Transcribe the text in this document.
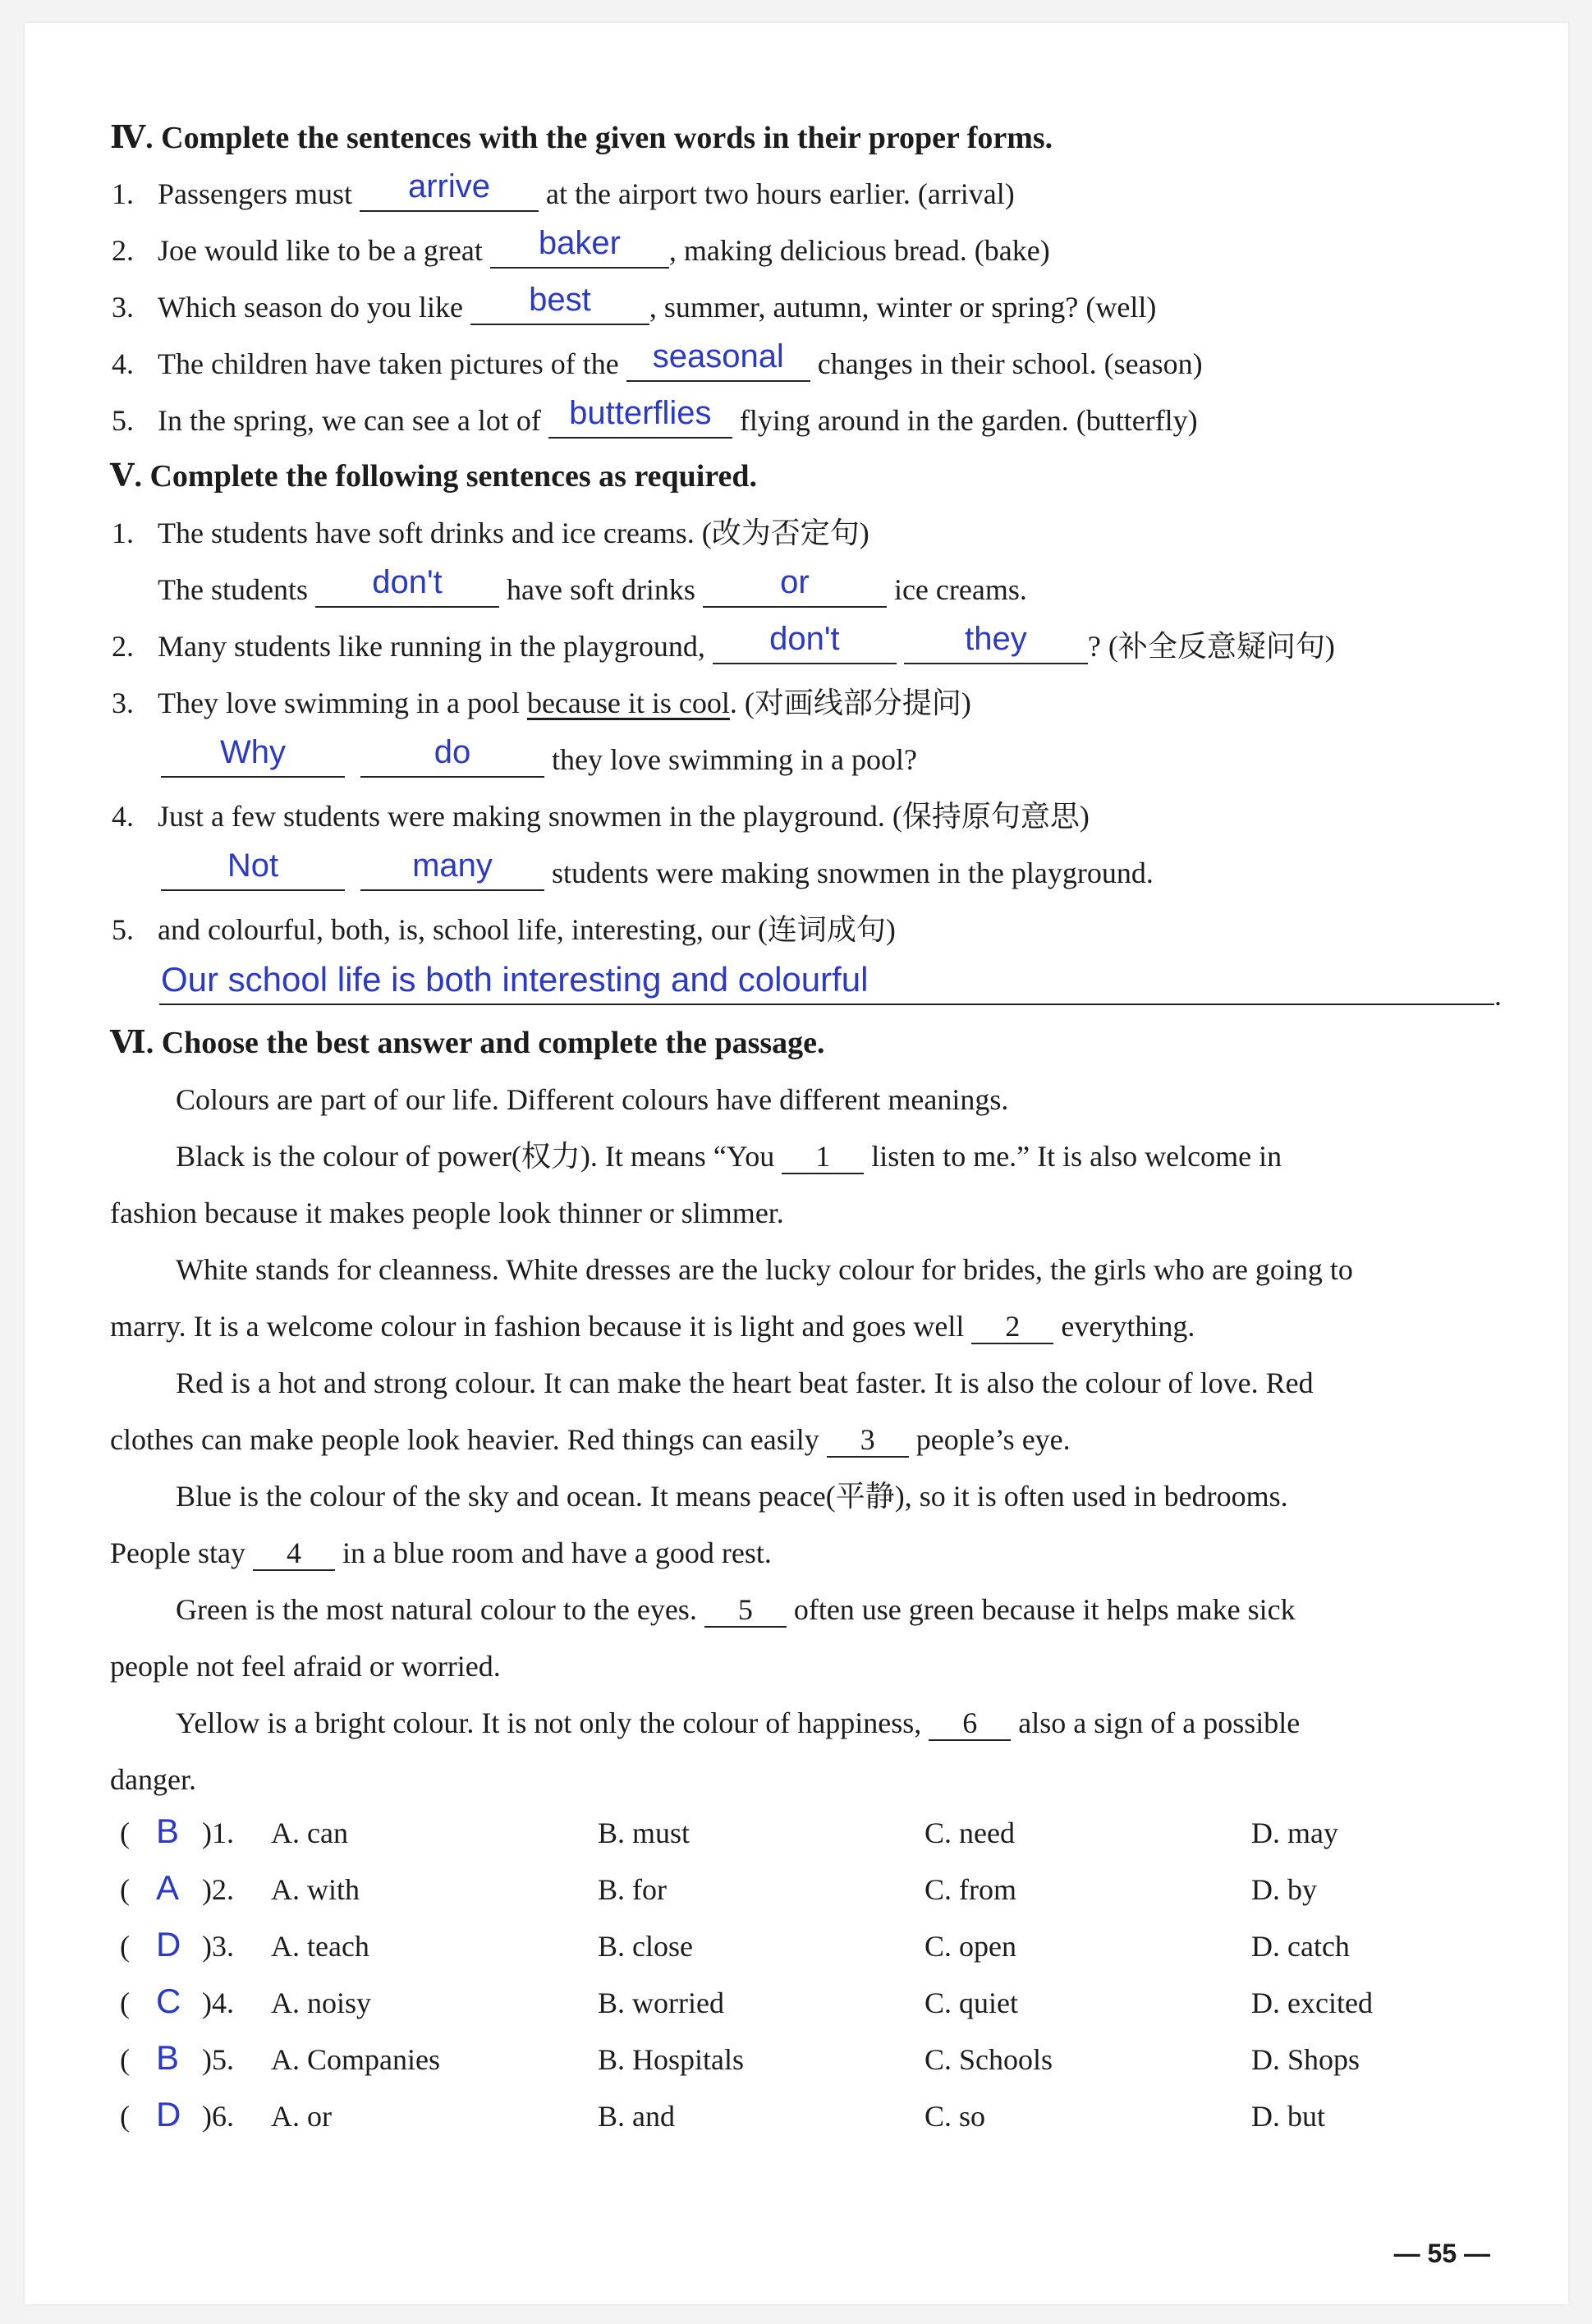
Ⅳ. Complete the sentences with the given words in their proper forms.
1. Passengers must arrive at the airport two hours earlier. (arrival)
2. Joe would like to be a great baker , making delicious bread. (bake)
3. Which season do you like best , summer, autumn, winter or spring? (well)
4. The children have taken pictures of the seasonal changes in their school. (season)
5. In the spring, we can see a lot of butterflies flying around in the garden. (butterfly)
Ⅴ. Complete the following sentences as required.
1. The students have soft drinks and ice creams. (改为否定句)
The students don't have soft drinks	or	ice creams.
2. Many students like running in the playground, don't	they ? (补全反意疑问句)
3. They love swimming in a pool because it is cool. (对画线部分提问)
Why	do	they love swimming in a pool?
4. Just a few students were making snowmen in the playground. (保持原句意思)
Not	many students were making snowmen in the playground.
5. and colourful, both, is, school life, interesting, our (连词成句)
Our school life is both interesting and colourful	.
Ⅵ. Choose the best answer and complete the passage.
Colours are part of our life. Different colours have different meanings.
Black is the colour of power(权力). It means “You 1 listen to me.” It is also welcome in
fashion because it makes people look thinner or slimmer.
White stands for cleanness. White dresses are the lucky colour for brides, the girls who are going to
marry. It is a welcome colour in fashion because it is light and goes well 2 everything.
Red is a hot and strong colour. It can make the heart beat faster. It is also the colour of love. Red
clothes can make people look heavier. Red things can easily 3 people’s eye.
Blue is the colour of the sky and ocean. It means peace(平静), so it is often used in bedrooms.
People stay 4 in a blue room and have a good rest.
Green is the most natural colour to the eyes. 5 often use green because it helps make sick
people not feel afraid or worried.
Yellow is a bright colour. It is not only the colour of happiness, 6 also a sign of a possible
danger.
( B )1. A. can	B. must	C. need	D. may
( A )2. A. with	B. for	C. from	D. by
( D )3. A. teach	B. close	C. open	D. catch
( C )4. A. noisy	B. worried	C. quiet	D. excited
( B )5. A. Companies	B. Hospitals	C. Schools	D. Shops
( D )6. A. or	B. and	C. so	D. but
— 55 —
